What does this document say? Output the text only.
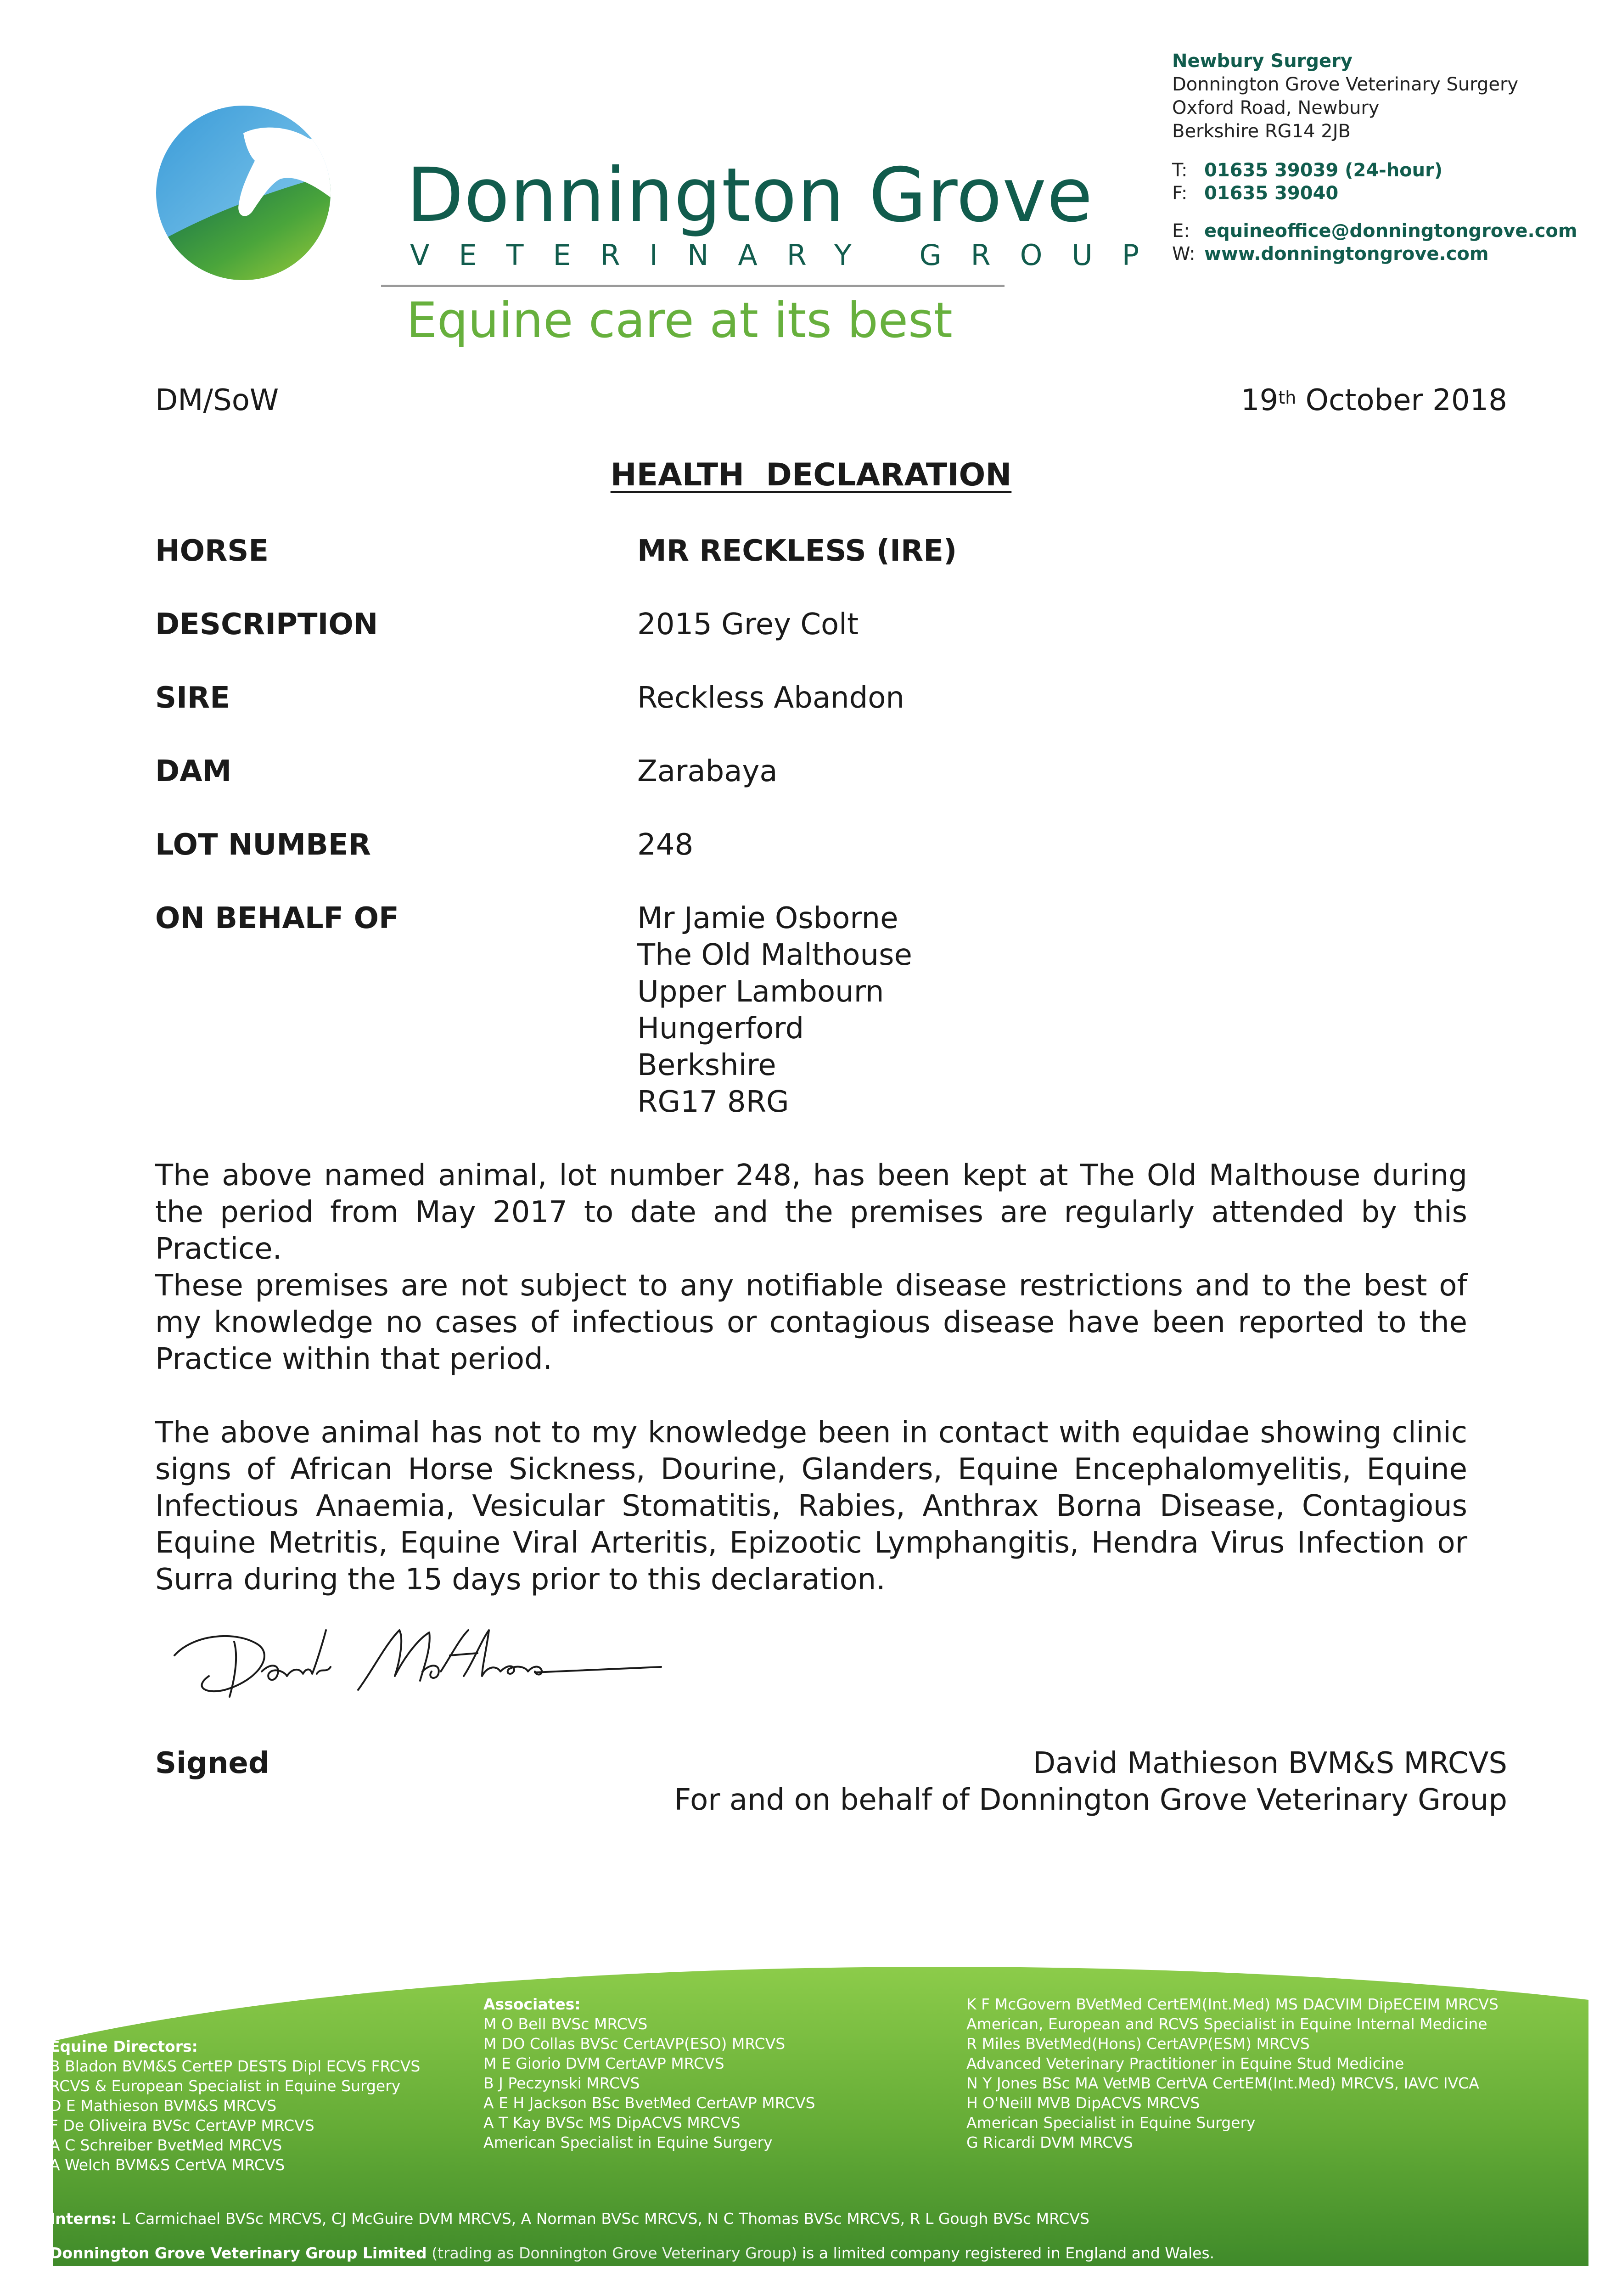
Donnington Grove
VETERINARY GROUP
Equine care at its best
Newbury Surgery
Donnington Grove Veterinary Surgery
Oxford Road, Newbury
Berkshire RG14 2JB
T: 01635 39039 (24-hour)
F: 01635 39040
E: equineoffice@donningtongrove.com
W: www.donningtongrove.com
DM/SoW	19th October 2018
HEALTH  DECLARATION
HORSE	MR RECKLESS (IRE)
DESCRIPTION	2015 Grey Colt
SIRE	Reckless Abandon
DAM	Zarabaya
LOT NUMBER	248
ON BEHALF OF	Mr Jamie Osborne
The Old Malthouse
Upper Lambourn
Hungerford
Berkshire
RG17 8RG
The above named animal, lot number 248, has been kept at The Old Malthouse during the period from May 2017 to date and the premises are regularly attended by this Practice.
These premises are not subject to any notifiable disease restrictions and to the best of my knowledge no cases of infectious or contagious disease have been reported to the Practice within that period.
The above animal has not to my knowledge been in contact with equidae showing clinic signs of African Horse Sickness, Dourine, Glanders, Equine Encephalomyelitis, Equine Infectious Anaemia, Vesicular Stomatitis, Rabies, Anthrax Borna Disease, Contagious Equine Metritis, Equine Viral Arteritis, Epizootic Lymphangitis, Hendra Virus Infection or Surra during the 15 days prior to this declaration.
Signed	David Mathieson BVM&S MRCVS
For and on behalf of Donnington Grove Veterinary Group
Equine Directors:
B Bladon BVM&S CertEP DESTS Dipl ECVS FRCVS
RCVS & European Specialist in Equine Surgery
D E Mathieson BVM&S MRCVS
F De Oliveira BVSc CertAVP MRCVS
A C Schreiber BvetMed MRCVS
A Welch BVM&S CertVA MRCVS
Associates:
M O Bell BVSc MRCVS
M DO Collas BVSc CertAVP(ESO) MRCVS
M E Giorio DVM CertAVP MRCVS
B J Peczynski MRCVS
A E H Jackson BSc BvetMed CertAVP MRCVS
A T Kay BVSc MS DipACVS MRCVS
American Specialist in Equine Surgery
K F McGovern BVetMed CertEM(Int.Med) MS DACVIM DipECEIM MRCVS
American, European and RCVS Specialist in Equine Internal Medicine
R Miles BVetMed(Hons) CertAVP(ESM) MRCVS
Advanced Veterinary Practitioner in Equine Stud Medicine
N Y Jones BSc MA VetMB CertVA CertEM(Int.Med) MRCVS, IAVC IVCA
H O'Neill MVB DipACVS MRCVS
American Specialist in Equine Surgery
G Ricardi DVM MRCVS
Interns: L Carmichael BVSc MRCVS, CJ McGuire DVM MRCVS, A Norman BVSc MRCVS, N C Thomas BVSc MRCVS, R L Gough BVSc MRCVS
Donnington Grove Veterinary Group Limited (trading as Donnington Grove Veterinary Group) is a limited company registered in England and Wales.
